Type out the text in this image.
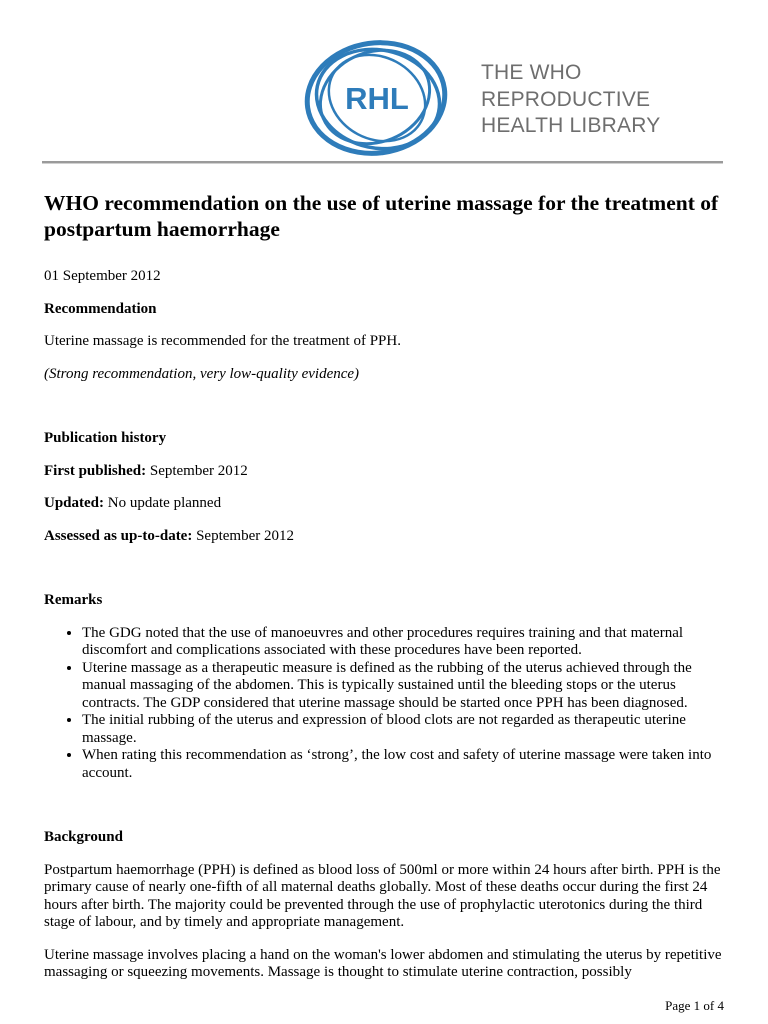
RHL
THE WHO
REPRODUCTIVE
HEALTH LIBRARY
WHO recommendation on the use of uterine massage for the treatment of postpartum haemorrhage

01 September 2012

Recommendation

Uterine massage is recommended for the treatment of PPH.

(Strong recommendation, very low-quality evidence)

Publication history

First published: September 2012

Updated: No update planned

Assessed as up-to-date: September 2012

Remarks

• The GDG noted that the use of manoeuvres and other procedures requires training and that maternal discomfort and complications associated with these procedures have been reported.
• Uterine massage as a therapeutic measure is defined as the rubbing of the uterus achieved through the manual massaging of the abdomen. This is typically sustained until the bleeding stops or the uterus contracts. The GDP considered that uterine massage should be started once PPH has been diagnosed.
• The initial rubbing of the uterus and expression of blood clots are not regarded as therapeutic uterine massage.
• When rating this recommendation as ‘strong’, the low cost and safety of uterine massage were taken into account.

Background

Postpartum haemorrhage (PPH) is defined as blood loss of 500ml or more within 24 hours after birth. PPH is the primary cause of nearly one-fifth of all maternal deaths globally. Most of these deaths occur during the first 24 hours after birth. The majority could be prevented through the use of prophylactic uterotonics during the third stage of labour, and by timely and appropriate management.

Uterine massage involves placing a hand on the woman's lower abdomen and stimulating the uterus by repetitive massaging or squeezing movements. Massage is thought to stimulate uterine contraction, possibly

Page 1 of 4
